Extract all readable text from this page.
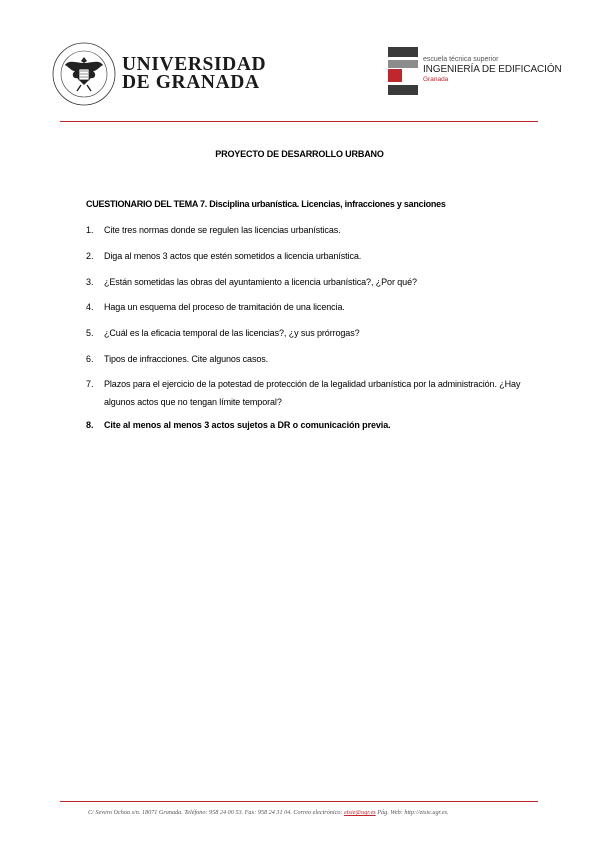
UNIVERSIDAD
DE GRANADA
escuela técnica superior
INGENIERÍA DE EDIFICACIÓN
Granada
PROYECTO DE DESARROLLO URBANO
CUESTIONARIO DEL TEMA 7. Disciplina urbanística. Licencias, infracciones y sanciones
1. Cite tres normas donde se regulen las licencias urbanísticas.
2. Diga al menos 3 actos que estén sometidos a licencia urbanística.
3. ¿Están sometidas las obras del ayuntamiento a licencia urbanística?, ¿Por qué?
4. Haga un esquema del proceso de tramitación de una licencia.
5. ¿Cuál es la eficacia temporal de las licencias?, ¿y sus prórrogas?
6. Tipos de infracciones. Cite algunos casos.
7. Plazos para el ejercicio de la potestad de protección de la legalidad urbanística por la administración. ¿Hay algunos actos que no tengan límite temporal?
8. Cite al menos al menos 3 actos sujetos a DR o comunicación previa.
C/ Severo Ochoa s/n. 18071 Granada. Teléfono: 958 24 00 53. Fax: 958 24 31 04. Correo electrónico: etsie@ugr.es Pág. Web: http://etsie.ugr.es.
